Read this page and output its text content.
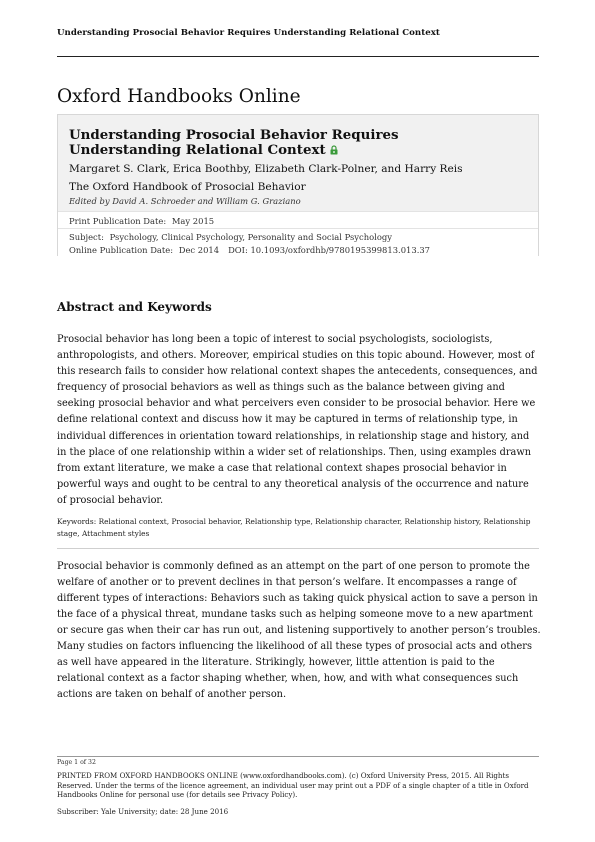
Understanding Prosocial Behavior Requires Understanding Relational Context
Oxford Handbooks Online
Understanding Prosocial Behavior Requires Understanding Relational Context
Margaret S. Clark, Erica Boothby, Elizabeth Clark-Polner, and Harry Reis
The Oxford Handbook of Prosocial Behavior
Edited by David A. Schroeder and William G. Graziano
Print Publication Date: May 2015
Subject: Psychology, Clinical Psychology, Personality and Social Psychology
Online Publication Date: Dec 2014 DOI: 10.1093/oxfordhb/9780195399813.013.37
Abstract and Keywords
Prosocial behavior has long been a topic of interest to social psychologists, sociologists, anthropologists, and others. Moreover, empirical studies on this topic abound. However, most of this research fails to consider how relational context shapes the antecedents, consequences, and frequency of prosocial behaviors as well as things such as the balance between giving and seeking prosocial behavior and what perceivers even consider to be prosocial behavior. Here we define relational context and discuss how it may be captured in terms of relationship type, in individual differences in orientation toward relationships, in relationship stage and history, and in the place of one relationship within a wider set of relationships. Then, using examples drawn from extant literature, we make a case that relational context shapes prosocial behavior in powerful ways and ought to be central to any theoretical analysis of the occurrence and nature of prosocial behavior.
Keywords: Relational context, Prosocial behavior, Relationship type, Relationship character, Relationship history, Relationship stage, Attachment styles
Prosocial behavior is commonly defined as an attempt on the part of one person to promote the welfare of another or to prevent declines in that person’s welfare. It encompasses a range of different types of interactions: Behaviors such as taking quick physical action to save a person in the face of a physical threat, mundane tasks such as helping someone move to a new apartment or secure gas when their car has run out, and listening supportively to another person’s troubles. Many studies on factors influencing the likelihood of all these types of prosocial acts and others as well have appeared in the literature. Strikingly, however, little attention is paid to the relational context as a factor shaping whether, when, how, and with what consequences such actions are taken on behalf of another person.
Page 1 of 32
PRINTED FROM OXFORD HANDBOOKS ONLINE (www.oxfordhandbooks.com). (c) Oxford University Press, 2015. All Rights Reserved. Under the terms of the licence agreement, an individual user may print out a PDF of a single chapter of a title in Oxford Handbooks Online for personal use (for details see Privacy Policy).
Subscriber: Yale University; date: 28 June 2016
